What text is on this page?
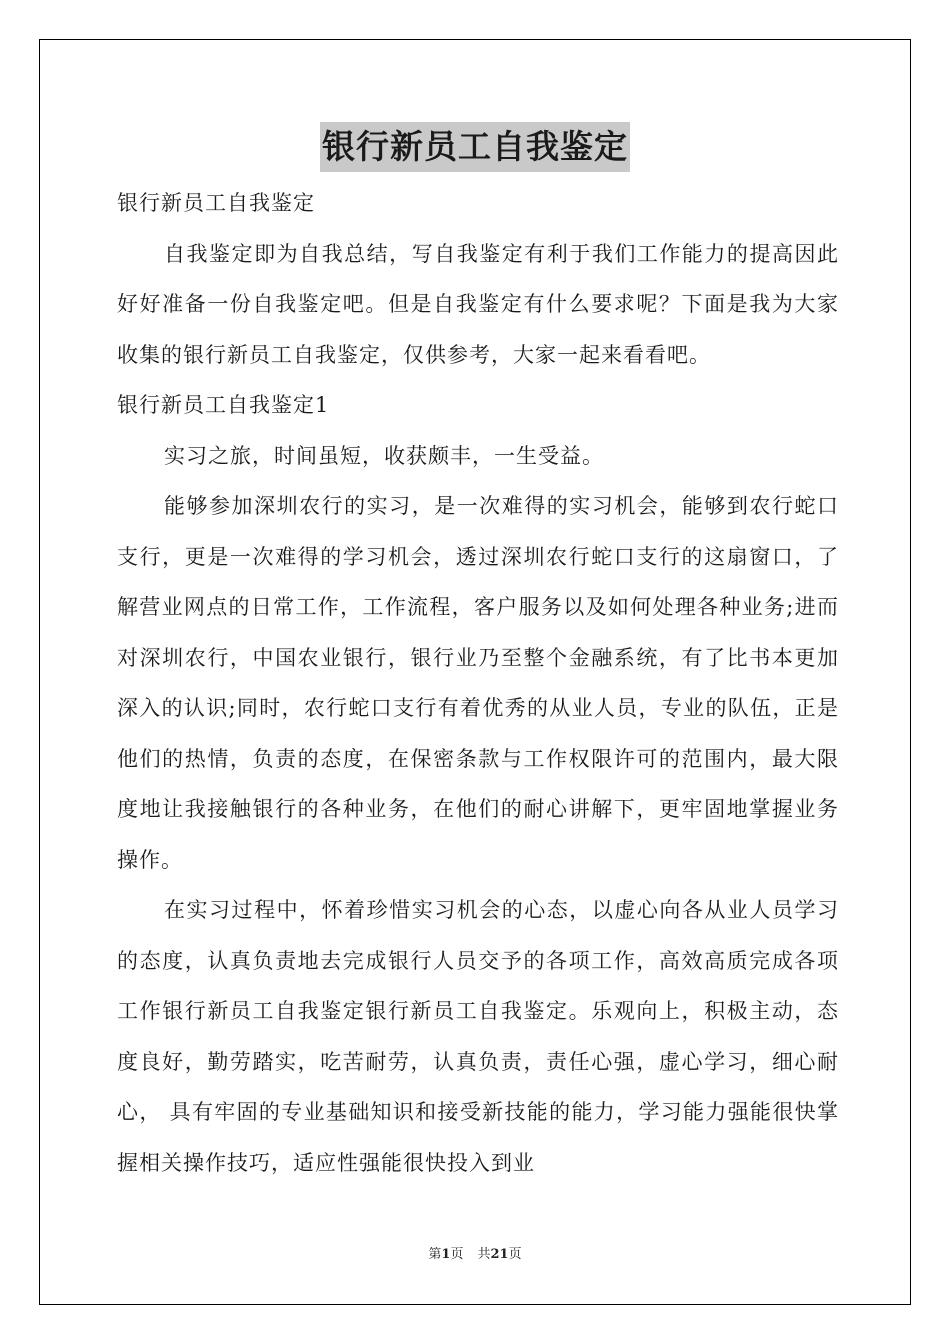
银行新员工自我鉴定

银行新员工自我鉴定

自我鉴定即为自我总结，写自我鉴定有利于我们工作能力的提高因此好好准备一份自我鉴定吧。但是自我鉴定有什么要求呢？下面是我为大家收集的银行新员工自我鉴定，仅供参考，大家一起来看看吧。

银行新员工自我鉴定1

实习之旅，时间虽短，收获颇丰，一生受益。

能够参加深圳农行的实习，是一次难得的实习机会，能够到农行蛇口支行，更是一次难得的学习机会，透过深圳农行蛇口支行的这扇窗口，了解营业网点的日常工作，工作流程，客户服务以及如何处理各种业务;进而对深圳农行，中国农业银行，银行业乃至整个金融系统，有了比书本更加深入的认识;同时，农行蛇口支行有着优秀的从业人员，专业的队伍，正是他们的热情，负责的态度，在保密条款与工作权限许可的范围内，最大限度地让我接触银行的各种业务，在他们的耐心讲解下，更牢固地掌握业务操作。

在实习过程中，怀着珍惜实习机会的心态，以虚心向各从业人员学习的态度，认真负责地去完成银行人员交予的各项工作，高效高质完成各项工作银行新员工自我鉴定银行新员工自我鉴定。乐观向上，积极主动，态度良好，勤劳踏实，吃苦耐劳，认真负责，责任心强，虚心学习，细心耐心， 具有牢固的专业基础知识和接受新技能的能力，学习能力强能很快掌握相关操作技巧，适应性强能很快投入到业

第1页 共21页
